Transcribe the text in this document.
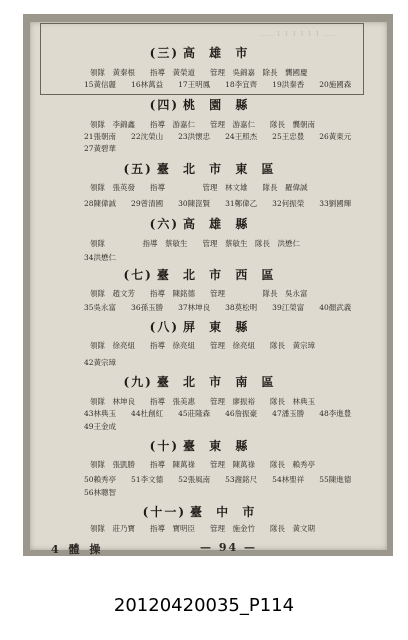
…… 1 1 1 1 1 1 ……
(三) 高 雄 市
領隊　黃秦根　　指導　黃榮道　　管理　吳錦嘉　除長　龔國慶
15黃信麗　　16林萬益　　17王明鳳　　18李宜齊　　19洪秦香　　20施國森
(四) 桃 園 縣
領隊　李錦鑫　　指導　游嘉仁　　管理　游嘉仁　　隊長　龔朝南
21張朝南　　22沈榮山　　23洪懷忠　　24王照杰　　25王忠豊　　26黃東元
27黃碧華
(五) 臺 北 市 東 區
領隊　張英發　　指導　　　　　管理　林文雄　　隊長　羅偉誠
28陳偉誠　　29曾清國　　30陳崑賢　　31鄭偉乙　　32何振榮　　33劉國輝
(六) 高 雄 縣
領隊　　　　　指導　蔡敏生　　管理　蔡敏生　隊長　洪懋仁
34洪懋仁
(七) 臺 北 市 西 區
領隊　趙文芳　　指導　陳銘德　　管理　　　　　隊長　吳永富
35吳永富　　36孫玉勝　　37林坤良　　38莫松明　　39江榮富　　40顏武義
(八) 屏 東 縣
領隊　徐亮組　　指導　徐亮組　　管理　徐亮組　　隊長　黃宗璋
42黃宗璋
(九) 臺 北 市 南 區
領隊　林坤良　　指導　張美惠　　管理　廖振裕　　隊長　林典玉
43林典玉　　44杜創紅　　45莊隆森　　46詹振豪　　47潘玉勝　　48李進豊
49王金成
(十) 臺 東 縣
領隊　張凱勝　　指導　陳萬祿　　管理　陳萬祿　　隊長　賴秀亭
50賴秀亭　　51李文德　　52張風南　　53謝銘尺　　54林聖祥　　55陳進德
56林聰智
(十一) 臺 中 市
領隊　莊乃寶　　指導　寶明臣　　管理　施金竹　　隊長　黃文期
4 體 操	— 94 —
20120420035_P114
